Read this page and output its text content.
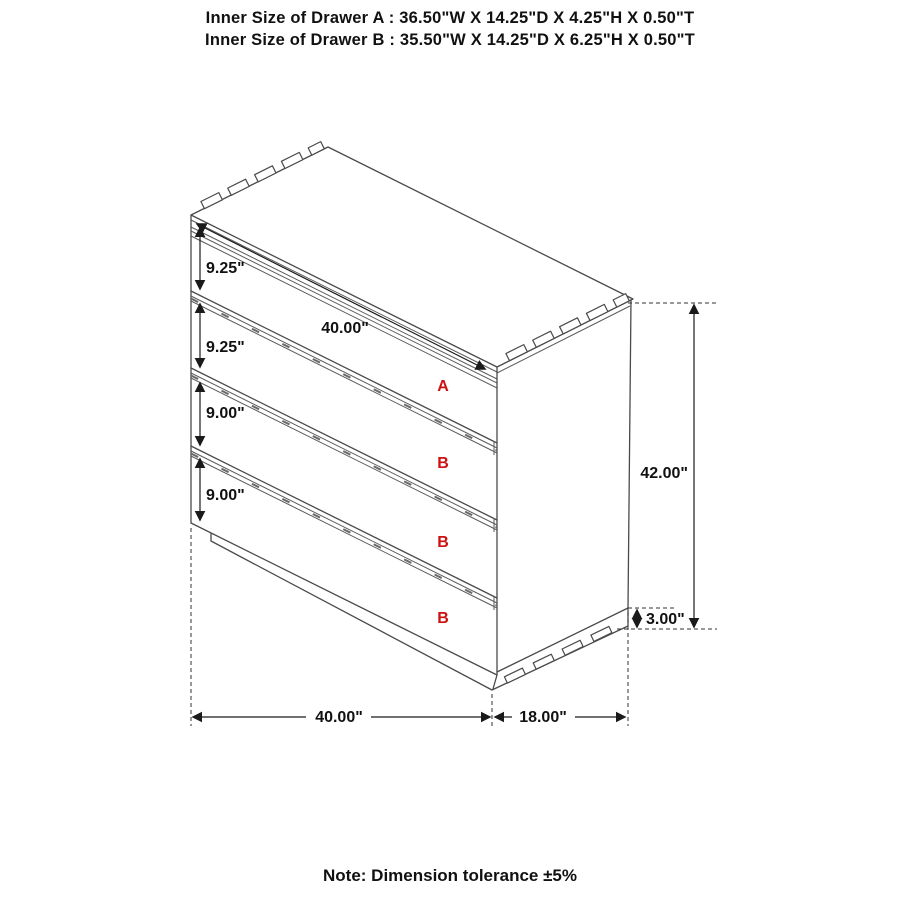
Inner Size of Drawer A : 36.50"W X 14.25"D X 4.25"H X 0.50"T
Inner Size of Drawer B : 35.50"W X 14.25"D X 6.25"H X 0.50"T
9.25"
9.25"
9.00"
9.00"
40.00"
42.00"
3.00"
40.00"	18.00"
A
B
B
B
Note: Dimension tolerance ±5%
